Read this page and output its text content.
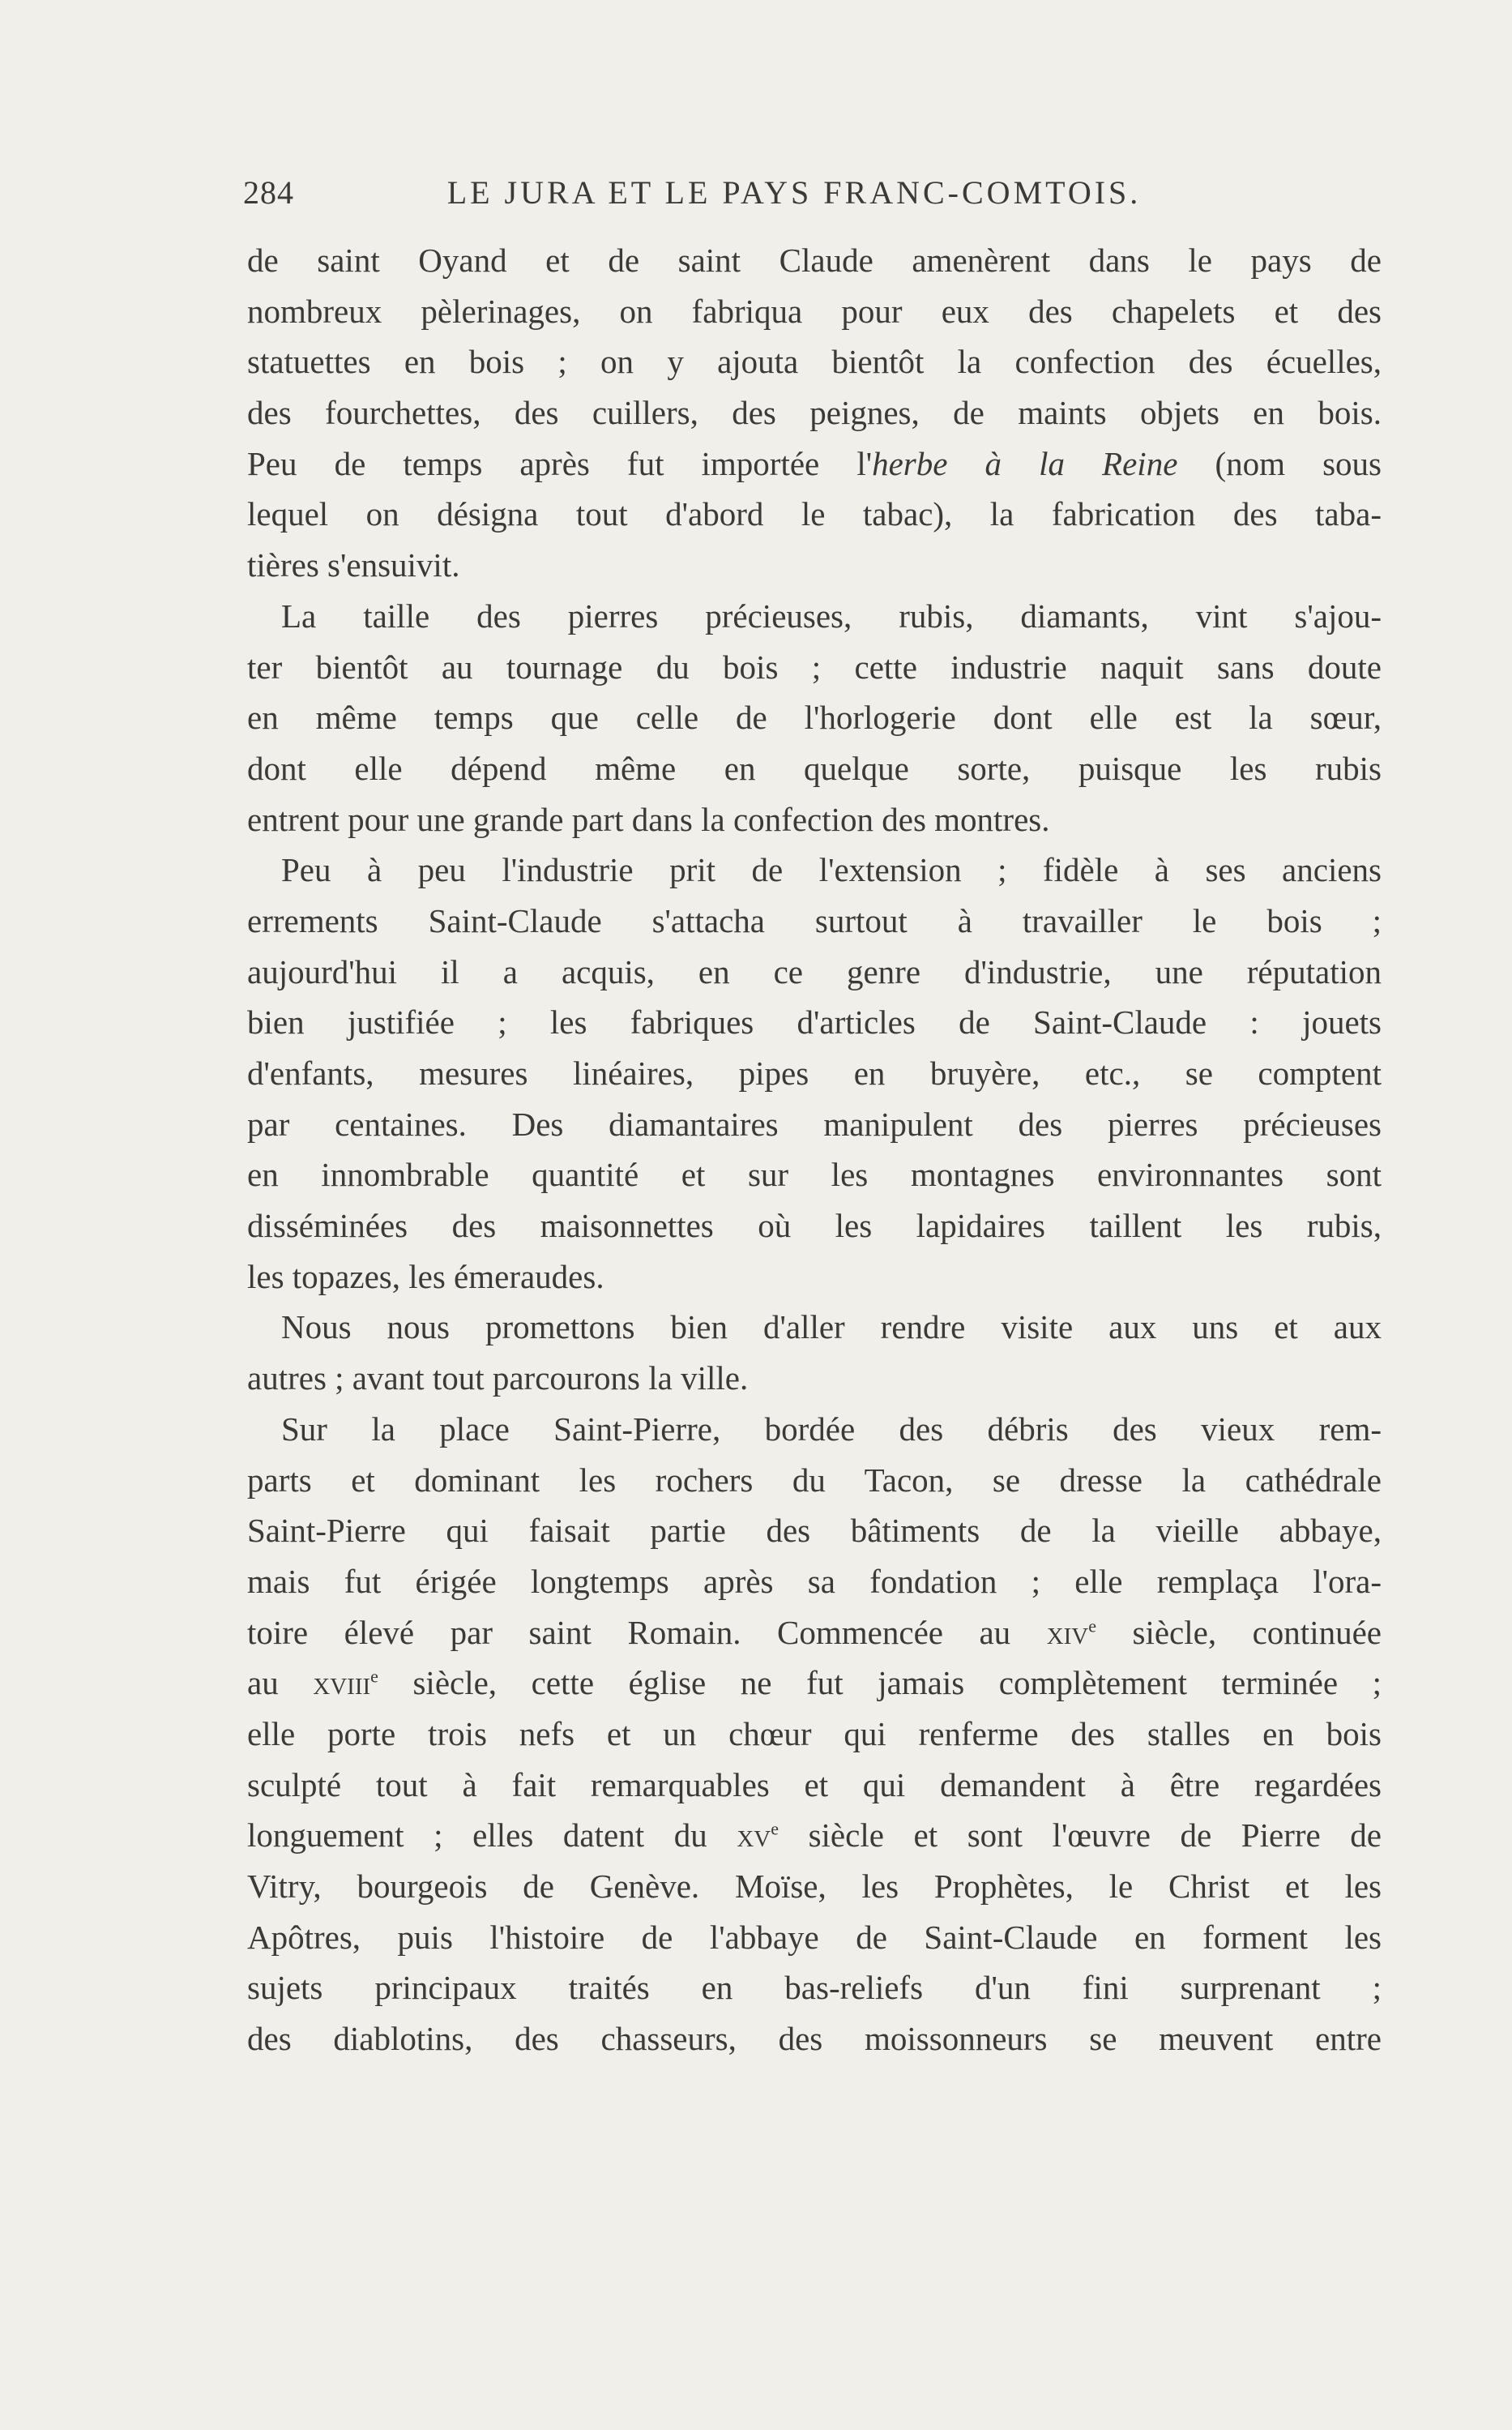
284	LE JURA ET LE PAYS FRANC-COMTOIS.
de saint Oyand et de saint Claude amenèrent dans le pays de
nombreux pèlerinages, on fabriqua pour eux des chapelets et des
statuettes en bois ; on y ajouta bientôt la confection des écuelles,
des fourchettes, des cuillers, des peignes, de maints objets en bois.
Peu de temps après fut importée l'herbe à la Reine (nom sous
lequel on désigna tout d'abord le tabac), la fabrication des taba-
tières s'ensuivit.
La taille des pierres précieuses, rubis, diamants, vint s'ajou-
ter bientôt au tournage du bois ; cette industrie naquit sans doute
en même temps que celle de l'horlogerie dont elle est la sœur,
dont elle dépend même en quelque sorte, puisque les rubis
entrent pour une grande part dans la confection des montres.
Peu à peu l'industrie prit de l'extension ; fidèle à ses anciens
errements Saint-Claude s'attacha surtout à travailler le bois ;
aujourd'hui il a acquis, en ce genre d'industrie, une réputation
bien justifiée ; les fabriques d'articles de Saint-Claude : jouets
d'enfants, mesures linéaires, pipes en bruyère, etc., se comptent
par centaines. Des diamantaires manipulent des pierres précieuses
en innombrable quantité et sur les montagnes environnantes sont
disséminées des maisonnettes où les lapidaires taillent les rubis,
les topazes, les émeraudes.
Nous nous promettons bien d'aller rendre visite aux uns et aux
autres ; avant tout parcourons la ville.
Sur la place Saint-Pierre, bordée des débris des vieux rem-
parts et dominant les rochers du Tacon, se dresse la cathédrale
Saint-Pierre qui faisait partie des bâtiments de la vieille abbaye,
mais fut érigée longtemps après sa fondation ; elle remplaça l'ora-
toire élevé par saint Romain. Commencée au xiv$^e$ siècle, continuée
au xviii$^e$ siècle, cette église ne fut jamais complètement terminée ;
elle porte trois nefs et un chœur qui renferme des stalles en bois
sculpté tout à fait remarquables et qui demandent à être regardées
longuement ; elles datent du $xv^e$ siècle et sont l'œuvre de Pierre de
Vitry, bourgeois de Genève. Moïse, les Prophètes, le Christ et les
Apôtres, puis l'histoire de l'abbaye de Saint-Claude en forment les
sujets principaux traités en bas-reliefs d'un fini surprenant ;
des diablotins, des chasseurs, des moissonneurs se meuvent entre
